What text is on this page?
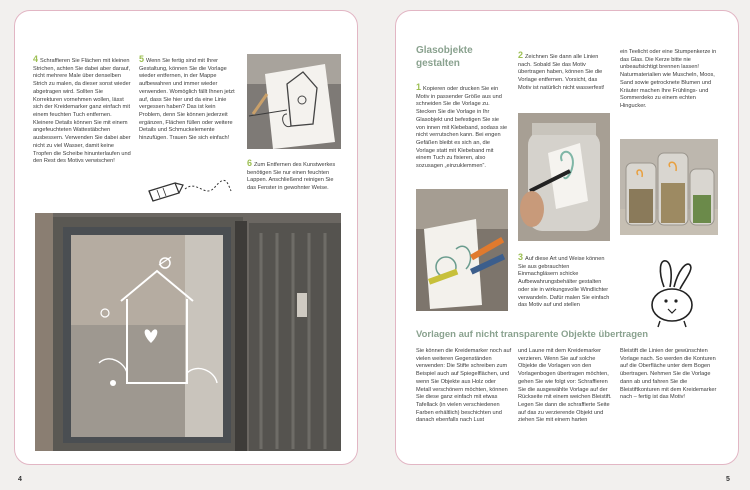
4 Schraffieren Sie Flächen mit kleinen Strichen, achten Sie dabei aber darauf, nicht mehrere Male über denselben Strich zu malen, da dieser sonst wieder abgetragen wird. Sollten Sie Korrekturen vornehmen wollen, lässt sich der Kreidemarker ganz einfach mit einem feuchten Tuch entfernen. Kleinere Details können Sie mit einem angefeuchteten Wattestäbchen ausbessern. Verwenden Sie dabei aber nicht zu viel Wasser, damit keine Tropfen die Scheibe hinunterlaufen und den Rest des Motivs verwischen!

5 Wenn Sie fertig sind mit Ihrer Gestaltung, können Sie die Vorlage wieder entfernen, in der Mappe aufbewahren und immer wieder verwenden. Womöglich fällt Ihnen jetzt auf, dass Sie hier und da eine Linie vergessen haben? Das ist kein Problem, denn Sie können jederzeit ergänzen, Flächen füllen oder weitere Details und Schmuckelemente hinzufügen. Trauen Sie sich einfach!

6 Zum Entfernen des Kunstwerkes benötigen Sie nur einen feuchten Lappen. Anschließend reinigen Sie das Fenster in gewohnter Weise.

4
Glasobjekte gestalten

1 Kopieren oder drucken Sie ein Motiv in passender Größe aus und schneiden Sie die Vorlage zu. Stecken Sie die Vorlage in Ihr Glasobjekt und befestigen Sie sie von innen mit Klebeband, sodass sie nicht verrutschen kann. Bei engen Gefäßen bleibt es sich an, die Vorlage statt mit Klebeband mit einem Tuch zu fixieren, also sozusagen „einzuklemmen“.

2 Zeichnen Sie dann alle Linien nach. Sobald Sie das Motiv übertragen haben, können Sie die Vorlage entfernen. Vorsicht, das Motiv ist natürlich nicht wasserfest!

3 Auf diese Art und Weise können Sie aus gebrauchten Einmachgläsern schicke Aufbewahrungsbehälter gestalten oder sie in wirkungsvolle Windlichter verwandeln. Dafür malen Sie einfach das Motiv auf und stellen

ein Teelicht oder eine Stumpenkerze in das Glas. Die Kerze bitte nie unbeaufsichtigt brennen lassen! Naturmaterialien wie Muscheln, Moos, Sand sowie getrocknete Blumen und Kräuter machen Ihre Frühlings- und Sommerdeko zu einem echten Hingucker.

Vorlagen auf nicht transparente Objekte übertragen

Sie können die Kreidemarker noch auf vielen weiteren Gegenständen verwenden: Die Stifte schreiben zum Beispiel auch auf Spiegelflächen, und wenn Sie Objekte aus Holz oder Metall verschönern möchten, können Sie diese ganz einfach mit etwas Tafellack (in vielen verschiedenen Farben erhältlich) beschichten und danach ebenfalls nach Lust

und Laune mit dem Kreidemarker verzieren. Wenn Sie auf solche Objekte die Vorlagen von den Vorlagenbogen übertragen möchten, gehen Sie wie folgt vor: Schraffieren Sie die ausgewählte Vorlage auf der Rückseite mit einem weichen Bleistift. Legen Sie dann die schraffierte Seite auf das zu verzierende Objekt und ziehen Sie mit einem harten

Bleistift die Linien der gewünschten Vorlage nach. So werden die Konturen auf die Oberfläche unter dem Bogen übertragen. Nehmen Sie die Vorlage dann ab und fahren Sie die Bleistiftkonturen mit dem Kreidemarker nach – fertig ist das Motiv!

5
